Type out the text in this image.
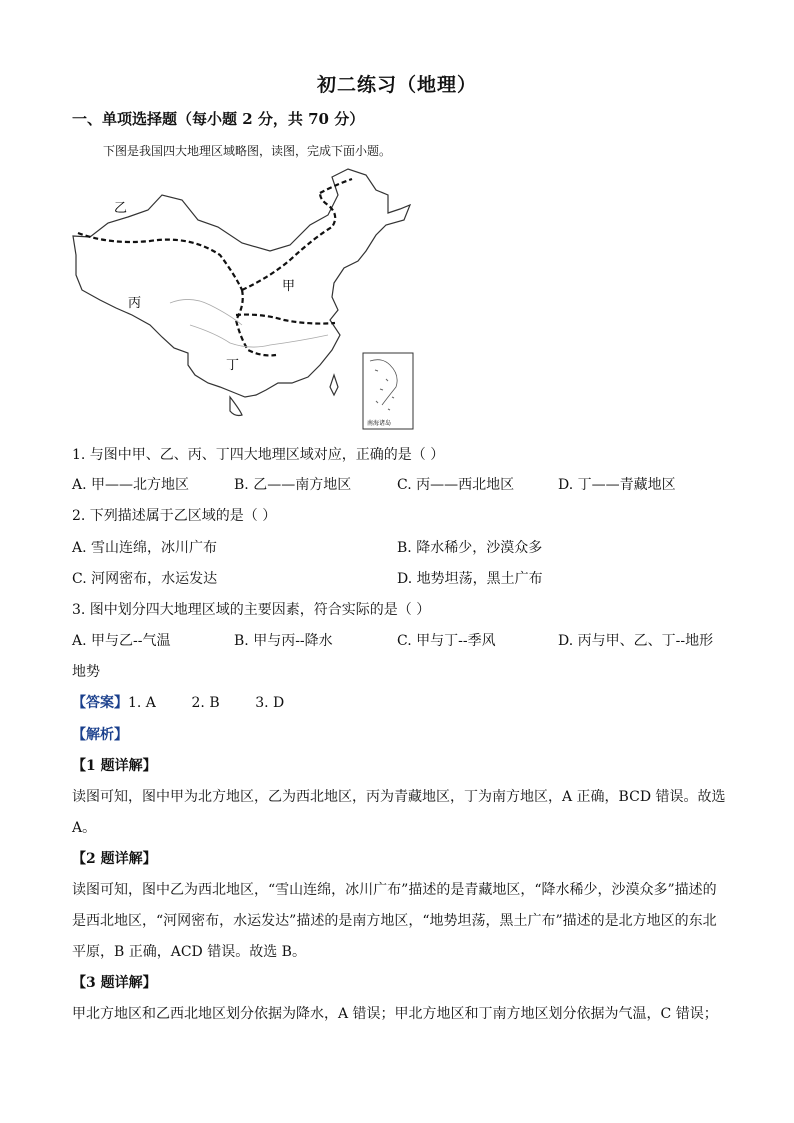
初二练习（地理）
一、单项选择题（每小题 2 分，共 70 分）
下图是我国四大地理区域略图，读图，完成下面小题。
乙
丙
甲
丁
南海诸岛
1. 与图中甲、乙、丙、丁四大地理区域对应，正确的是（ ）
A. 甲——北方地区	B. 乙——南方地区	C. 丙——西北地区	D. 丁——青藏地区
2. 下列描述属于乙区域的是（ ）
A. 雪山连绵，冰川广布	B. 降水稀少，沙漠众多
C. 河网密布，水运发达	D. 地势坦荡，黑土广布
3. 图中划分四大地理区域的主要因素，符合实际的是（ ）
A. 甲与乙--气温	B. 甲与丙--降水	C. 甲与丁--季风	D. 丙与甲、乙、丁--地形
地势
【答案】1. A        2. B        3. D
【解析】
【1 题详解】
读图可知，图中甲为北方地区，乙为西北地区，丙为青藏地区，丁为南方地区，A 正确，BCD 错误。故选
A。
【2 题详解】
读图可知，图中乙为西北地区，“雪山连绵，冰川广布”描述的是青藏地区，“降水稀少，沙漠众多”描述的
是西北地区，“河网密布，水运发达”描述的是南方地区，“地势坦荡，黑土广布”描述的是北方地区的东北
平原，B 正确，ACD 错误。故选 B。
【3 题详解】
甲北方地区和乙西北地区划分依据为降水，A 错误；甲北方地区和丁南方地区划分依据为气温，C 错误；
